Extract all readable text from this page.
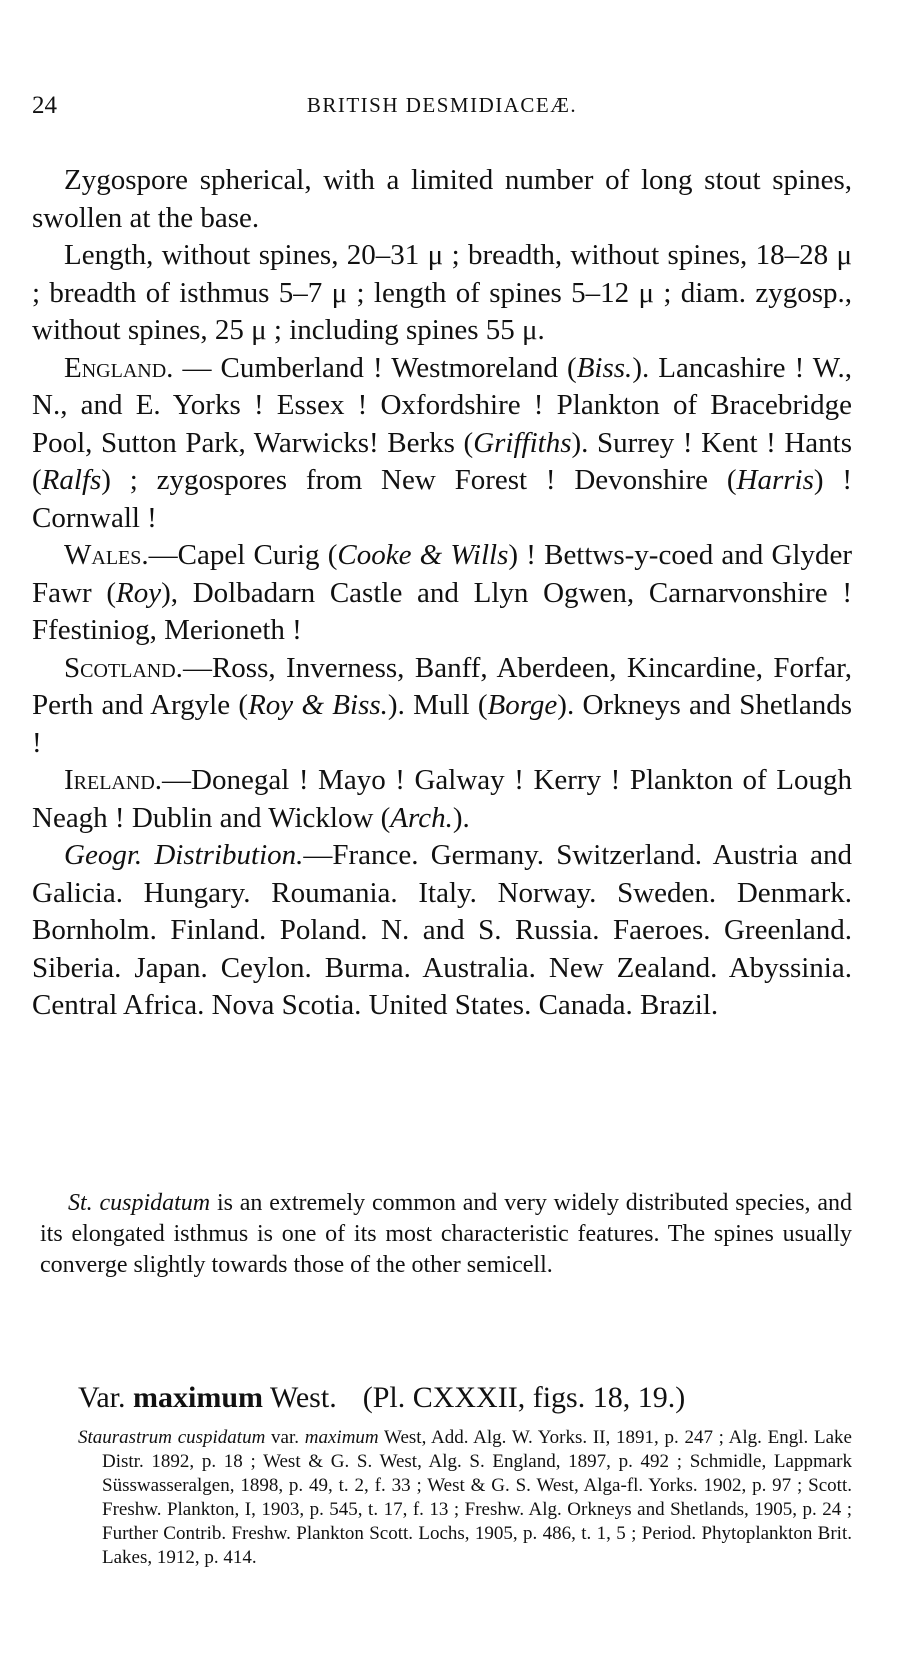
24	BRITISH DESMIDIACEÆ.

Zygospore spherical, with a limited number of long stout spines, swollen at the base.

Length, without spines, 20–31 μ ; breadth, without spines, 18–28 μ ; breadth of isthmus 5–7 μ ; length of spines 5–12 μ ; diam. zygosp., without spines, 25 μ ; including spines 55 μ.

England. — Cumberland ! Westmoreland (Biss.). Lancashire ! W., N., and E. Yorks ! Essex ! Oxfordshire ! Plankton of Bracebridge Pool, Sutton Park, Warwicks! Berks (Griffiths). Surrey ! Kent ! Hants (Ralfs) ; zygospores from New Forest ! Devonshire (Harris) ! Cornwall !

Wales.—Capel Curig (Cooke & Wills) ! Bettws-y-coed and Glyder Fawr (Roy), Dolbadarn Castle and Llyn Ogwen, Carnarvonshire ! Ffestiniog, Merioneth !

Scotland.—Ross, Inverness, Banff, Aberdeen, Kincardine, Forfar, Perth and Argyle (Roy & Biss.). Mull (Borge). Orkneys and Shetlands !

Ireland.—Donegal ! Mayo ! Galway ! Kerry ! Plankton of Lough Neagh ! Dublin and Wicklow (Arch.).

Geogr. Distribution.—France. Germany. Switzerland. Austria and Galicia. Hungary. Roumania. Italy. Norway. Sweden. Denmark. Bornholm. Finland. Poland. N. and S. Russia. Faeroes. Greenland. Siberia. Japan. Ceylon. Burma. Australia. New Zealand. Abyssinia. Central Africa. Nova Scotia. United States. Canada. Brazil.

St. cuspidatum is an extremely common and very widely distributed species, and its elongated isthmus is one of its most characteristic features. The spines usually converge slightly towards those of the other semicell.

Var. maximum West. (Pl. CXXXII, figs. 18, 19.)

Staurastrum cuspidatum var. maximum West, Add. Alg. W. Yorks. II, 1891, p. 247 ; Alg. Engl. Lake Distr. 1892, p. 18 ; West & G. S. West, Alg. S. England, 1897, p. 492 ; Schmidle, Lappmark Süsswasseralgen, 1898, p. 49, t. 2, f. 33 ; West & G. S. West, Alga-fl. Yorks. 1902, p. 97 ; Scott. Freshw. Plankton, I, 1903, p. 545, t. 17, f. 13 ; Freshw. Alg. Orkneys and Shetlands, 1905, p. 24 ; Further Contrib. Freshw. Plankton Scott. Lochs, 1905, p. 486, t. 1, 5 ; Period. Phytoplankton Brit. Lakes, 1912, p. 414.
